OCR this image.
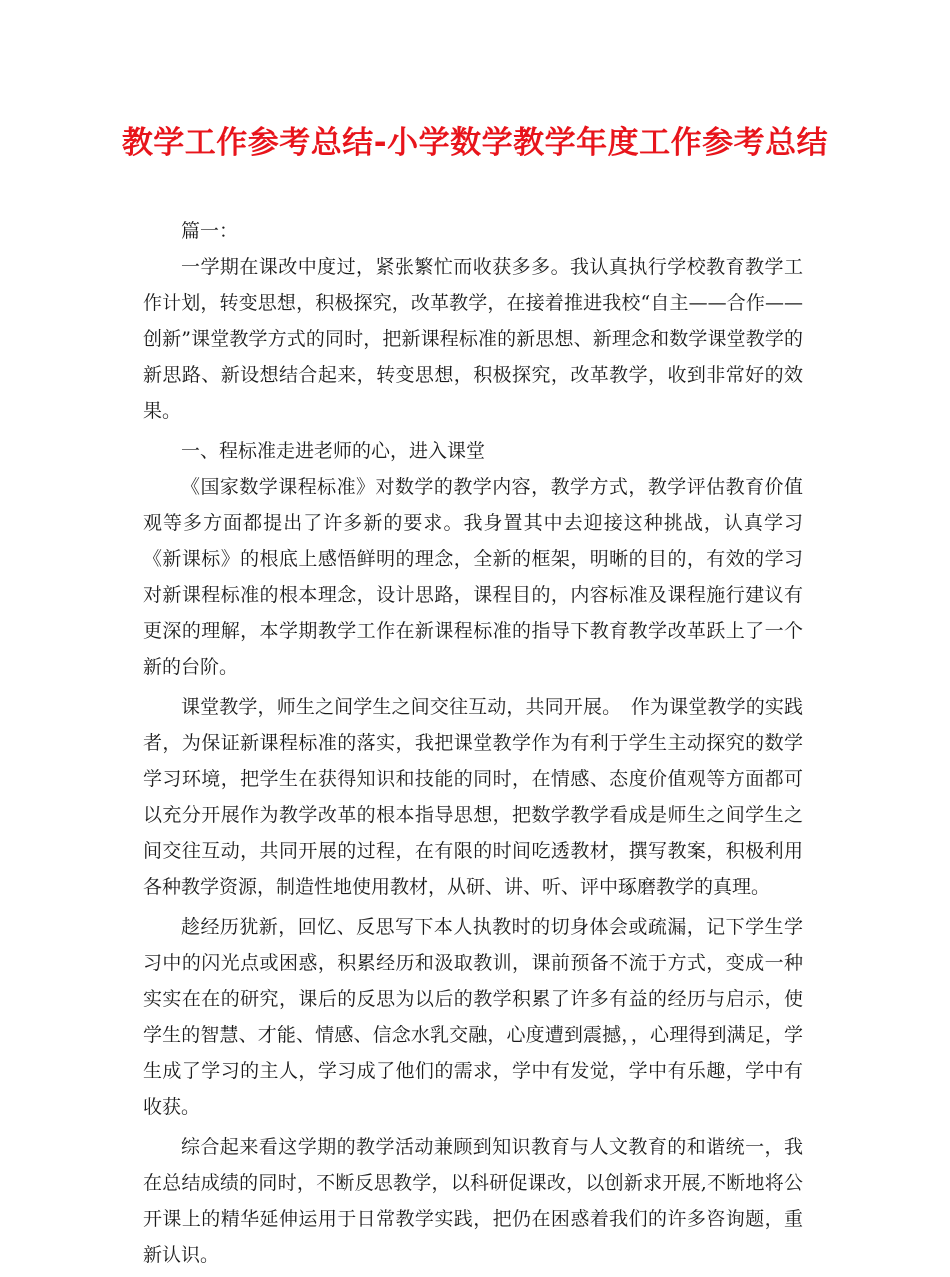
教学工作参考总结-小学数学教学年度工作参考总结

篇一：

一学期在课改中度过，紧张繁忙而收获多多。我认真执行学校教育教学工作计划，转变思想，积极探究，改革教学，在接着推进我校“自主——合作——创新”课堂教学方式的同时，把新课程标准的新思想、新理念和数学课堂教学的新思路、新设想结合起来，转变思想，积极探究，改革教学，收到非常好的效果。

一、程标准走进老师的心，进入课堂

《国家数学课程标准》对数学的教学内容，教学方式，教学评估教育价值观等多方面都提出了许多新的要求。我身置其中去迎接这种挑战，认真学习《新课标》的根底上感悟鲜明的理念，全新的框架，明晰的目的，有效的学习对新课程标准的根本理念，设计思路，课程目的，内容标准及课程施行建议有更深的理解，本学期教学工作在新课程标准的指导下教育教学改革跃上了一个新的台阶。

课堂教学，师生之间学生之间交往互动，共同开展。　作为课堂教学的实践者，为保证新课程标准的落实，我把课堂教学作为有利于学生主动探究的数学学习环境，把学生在获得知识和技能的同时，在情感、态度价值观等方面都可以充分开展作为教学改革的根本指导思想，把数学教学看成是师生之间学生之间交往互动，共同开展的过程，在有限的时间吃透教材，撰写教案，积极利用各种教学资源，制造性地使用教材，从研、讲、听、评中琢磨教学的真理。

趁经历犹新，回忆、反思写下本人执教时的切身体会或疏漏，记下学生学习中的闪光点或困惑，积累经历和汲取教训，课前预备不流于方式，变成一种实实在在的研究，课后的反思为以后的教学积累了许多有益的经历与启示，使学生的智慧、才能、情感、信念水乳交融，心度遭到震撼，，心理得到满足，学生成了学习的主人，学习成了他们的需求，学中有发觉，学中有乐趣，学中有收获。

综合起来看这学期的教学活动兼顾到知识教育与人文教育的和谐统一，我在总结成绩的同时，不断反思教学，以科研促课改，以创新求开展,不断地将公开课上的精华延伸运用于日常教学实践，把仍在困惑着我们的许多咨询题，重新认识。
